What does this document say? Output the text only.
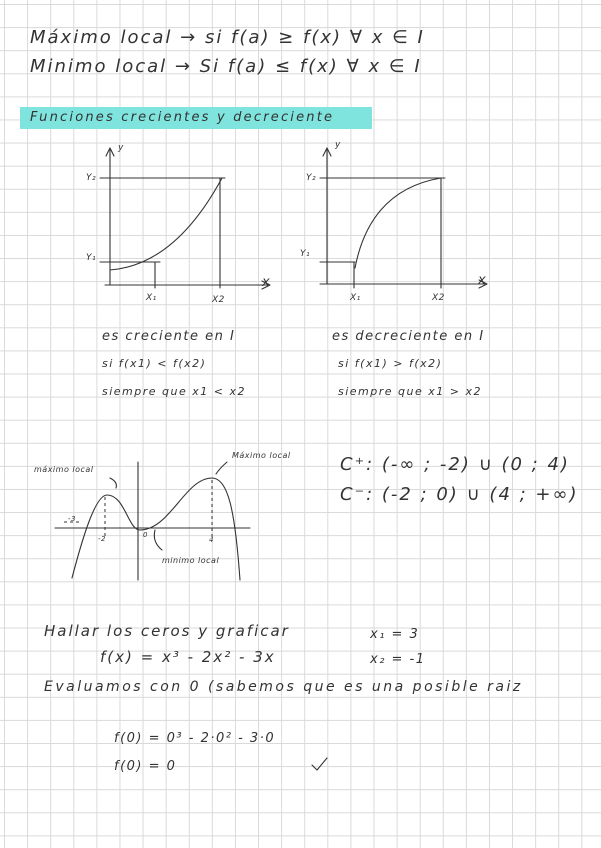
Máximo local → si f(a) ≥ f(x) ∀ x ∈ I
Minimo local → Si f(a) ≤ f(x) ∀ x ∈ I
Funciones crecientes y decreciente
y
x
Y₂
Y₁
X₁	X2
y
x
Y₂
Y₁
X₁	X2
es creciente en I
si f(x1) < f(x2)
siempre que x1 < x2
es decreciente en I
si f(x1) > f(x2)
siempre que x1 > x2
máximo local
Máximo local
minimo local
-3
-2	0
4
C⁺: (-∞ ; -2) ∪ (0 ; 4)
C⁻: (-2 ; 0) ∪ (4 ; +∞)
Hallar los ceros y graficar	x₁ = 3
f(x) = x³ - 2x² - 3x	x₂ = -1
Evaluamos con 0 (sabemos que es una posible raiz
f(0) = 0³ - 2·0² - 3·0
f(0) = 0
